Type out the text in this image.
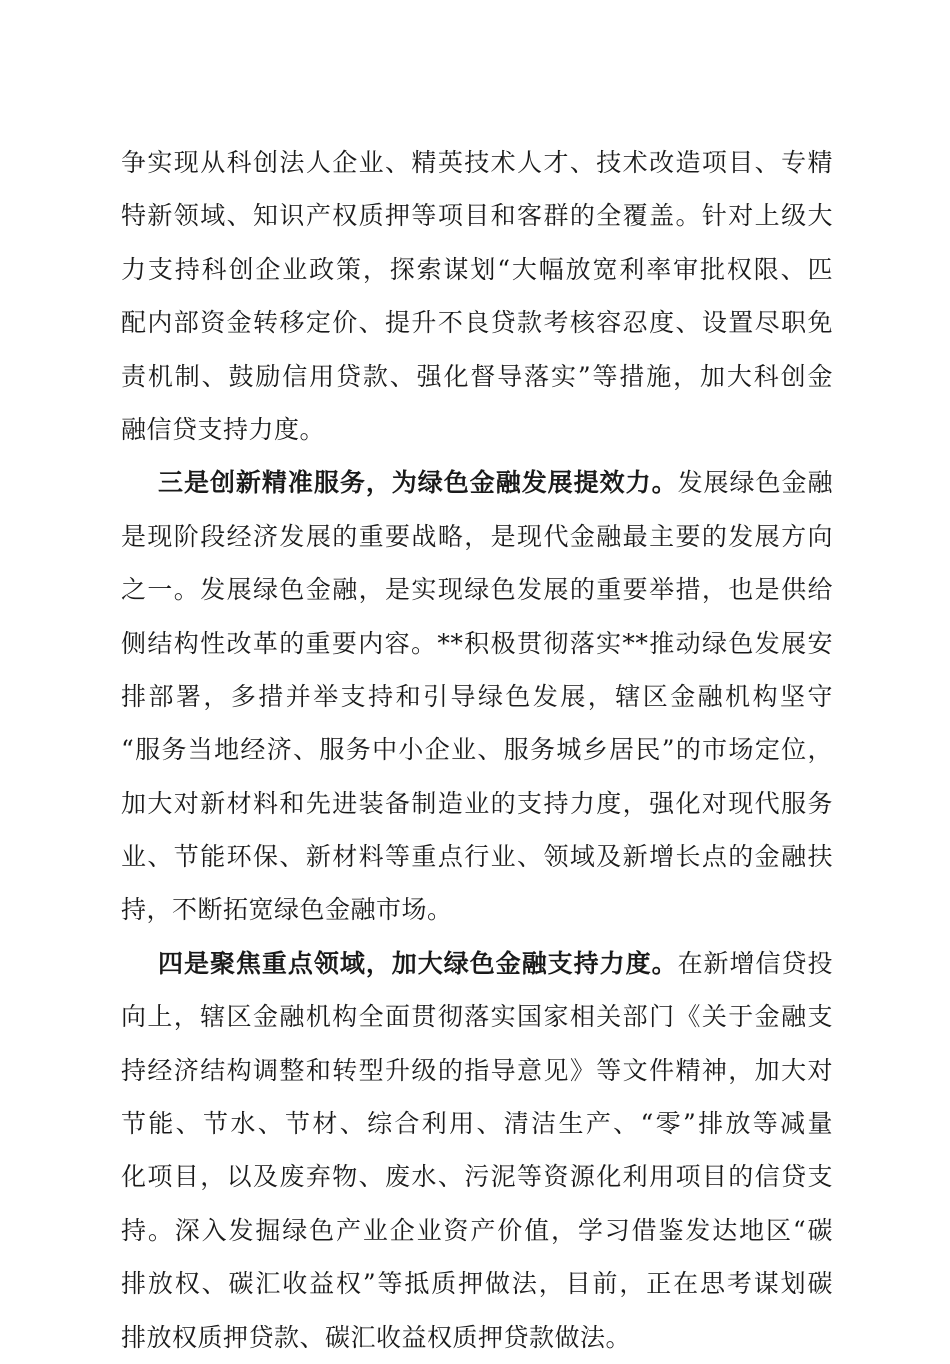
争实现从科创法人企业、精英技术人才、技术改造项目、专精
特新领域、知识产权质押等项目和客群的全覆盖。针对上级大
力支持科创企业政策，探索谋划“大幅放宽利率审批权限、匹
配内部资金转移定价、提升不良贷款考核容忍度、设置尽职免
责机制、鼓励信用贷款、强化督导落实”等措施，加大科创金
融信贷支持力度。
三是创新精准服务，为绿色金融发展提效力。发展绿色金融
是现阶段经济发展的重要战略，是现代金融最主要的发展方向
之一。发展绿色金融，是实现绿色发展的重要举措，也是供给
侧结构性改革的重要内容。**积极贯彻落实**推动绿色发展安
排部署，多措并举支持和引导绿色发展，辖区金融机构坚守
“服务当地经济、服务中小企业、服务城乡居民”的市场定位，
加大对新材料和先进装备制造业的支持力度，强化对现代服务
业、节能环保、新材料等重点行业、领域及新增长点的金融扶
持，不断拓宽绿色金融市场。
四是聚焦重点领域，加大绿色金融支持力度。在新增信贷投
向上，辖区金融机构全面贯彻落实国家相关部门《关于金融支
持经济结构调整和转型升级的指导意见》等文件精神，加大对
节能、节水、节材、综合利用、清洁生产、“零”排放等减量
化项目，以及废弃物、废水、污泥等资源化利用项目的信贷支
持。深入发掘绿色产业企业资产价值，学习借鉴发达地区“碳
排放权、碳汇收益权”等抵质押做法，目前，正在思考谋划碳
排放权质押贷款、碳汇收益权质押贷款做法。
